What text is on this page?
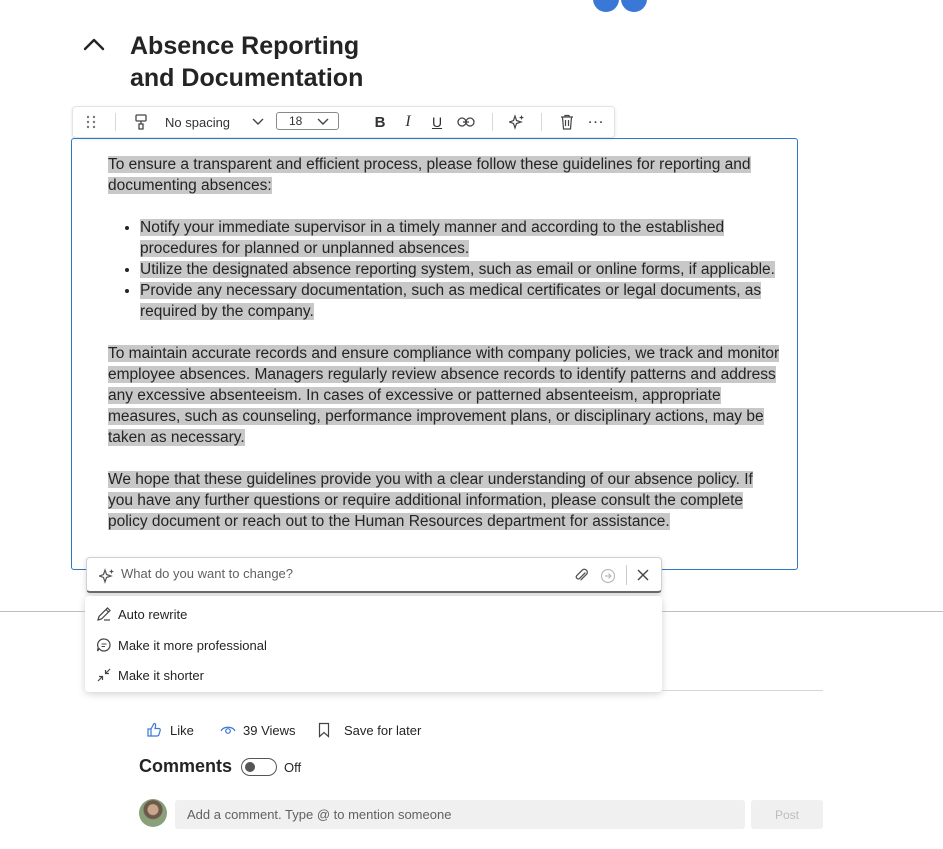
Absence Reporting
and Documentation
No spacing	18	B I U	...

To ensure a transparent and efficient process, please follow these guidelines for reporting and documenting absences:

• Notify your immediate supervisor in a timely manner and according to the established procedures for planned or unplanned absences.
• Utilize the designated absence reporting system, such as email or online forms, if applicable.
• Provide any necessary documentation, such as medical certificates or legal documents, as required by the company.

To maintain accurate records and ensure compliance with company policies, we track and monitor employee absences. Managers regularly review absence records to identify patterns and address any excessive absenteeism. In cases of excessive or patterned absenteeism, appropriate measures, such as counseling, performance improvement plans, or disciplinary actions, may be taken as necessary.

We hope that these guidelines provide you with a clear understanding of our absence policy. If you have any further questions or require additional information, please consult the complete policy document or reach out to the Human Resources department for assistance.

What do you want to change?
Auto rewrite
Make it more professional
Make it shorter
Like	39 Views	Save for later
Comments	Off
Add a comment. Type @ to mention someone
Post
